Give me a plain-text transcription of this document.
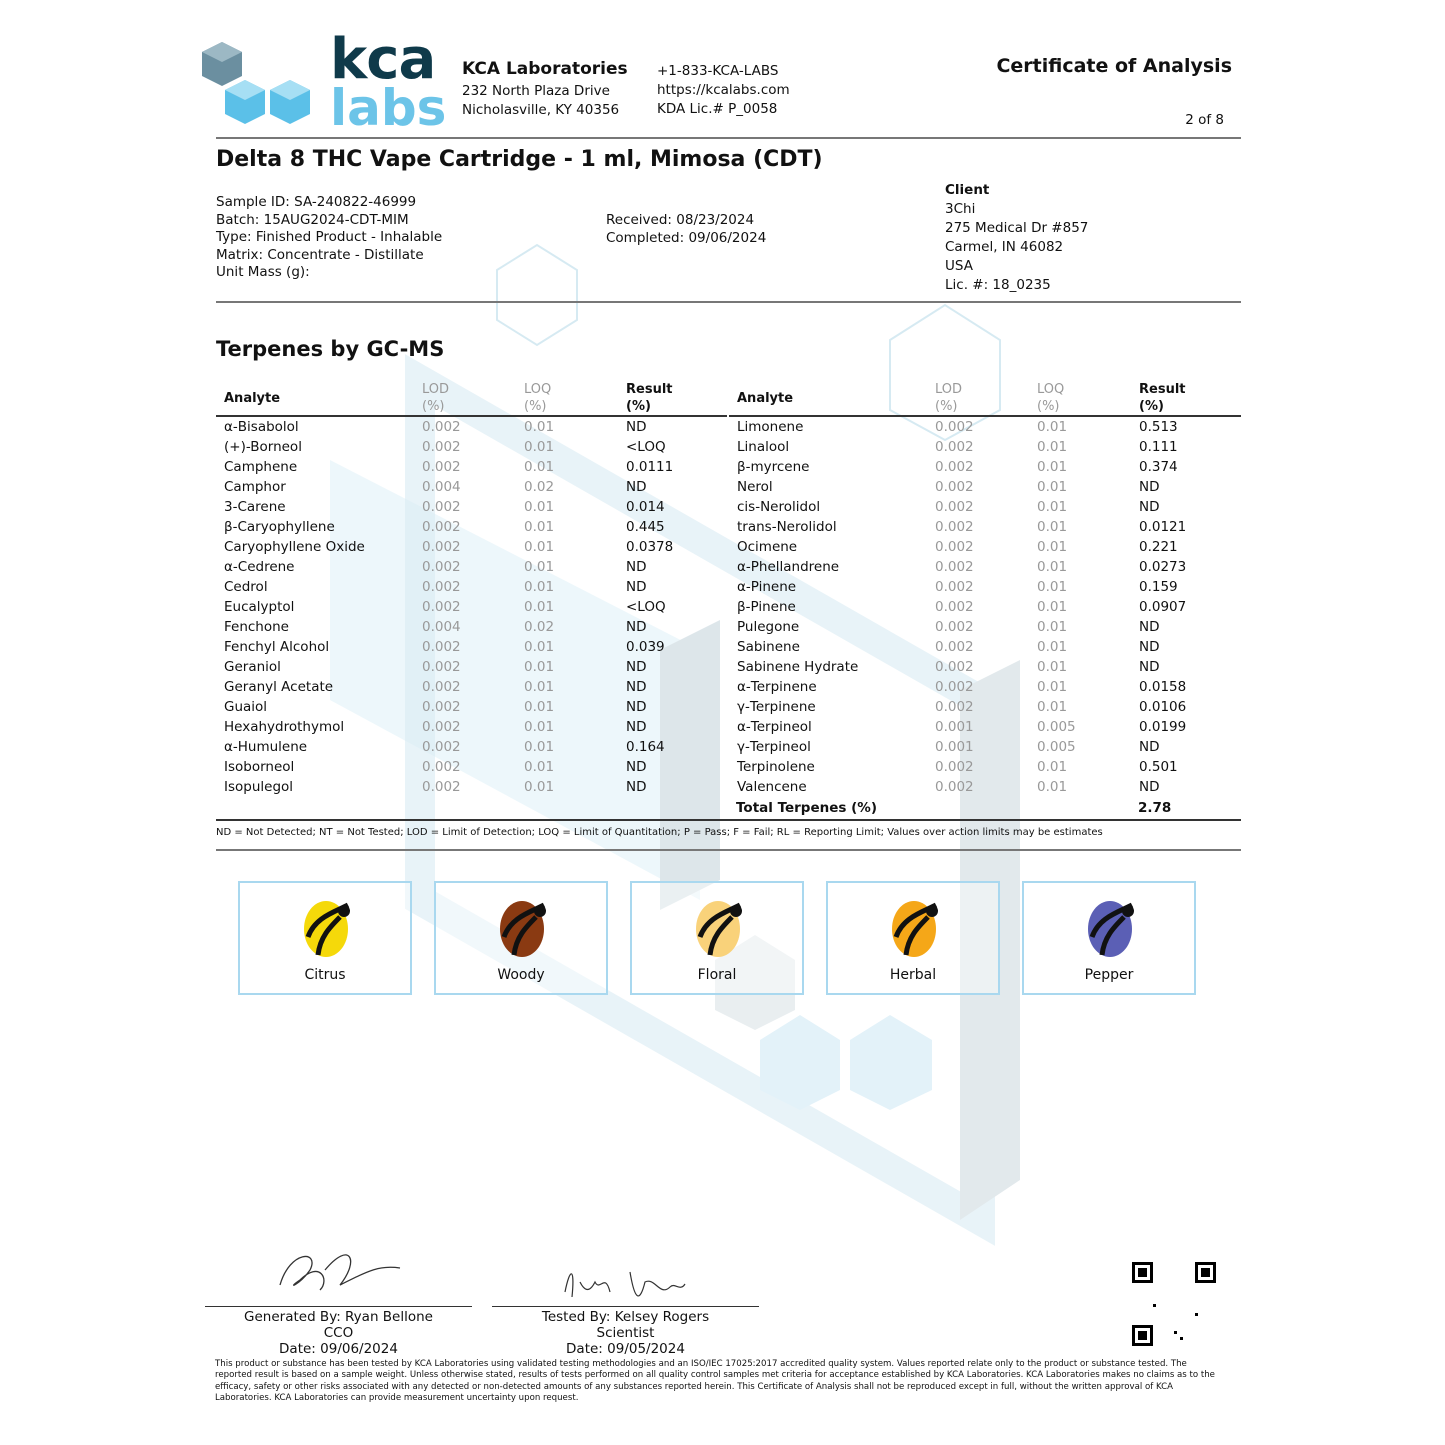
kca
labs
KCA Laboratories
232 North Plaza Drive
Nicholasville, KY 40356
+1-833-KCA-LABS
https://kcalabs.com
KDA Lic.# P_0058
Certificate of Analysis
2 of 8
Delta 8 THC Vape Cartridge - 1 ml, Mimosa (CDT)
Sample ID: SA-240822-46999
Batch: 15AUG2024-CDT-MIM
Type: Finished Product - Inhalable
Matrix: Concentrate - Distillate
Unit Mass (g):
Received: 08/23/2024
Completed: 09/06/2024
Client
3Chi
275 Medical Dr #857
Carmel, IN 46082
USA
Lic. #: 18_0235
Terpenes by GC-MS
Analyte
LOD
(%)
LOQ
(%)
Result
(%)
α-Bisabolol	0.002	0.01	ND
(+)-Borneol	0.002	0.01	<LOQ
Camphene	0.002	0.01	0.0111
Camphor	0.004	0.02	ND
3-Carene	0.002	0.01	0.014
β-Caryophyllene	0.002	0.01	0.445
Caryophyllene Oxide	0.002	0.01	0.0378
α-Cedrene	0.002	0.01	ND
Cedrol	0.002	0.01	ND
Eucalyptol	0.002	0.01	<LOQ
Fenchone	0.004	0.02	ND
Fenchyl Alcohol	0.002	0.01	0.039
Geraniol	0.002	0.01	ND
Geranyl Acetate	0.002	0.01	ND
Guaiol	0.002	0.01	ND
Hexahydrothymol	0.002	0.01	ND
α-Humulene	0.002	0.01	0.164
Isoborneol	0.002	0.01	ND
Isopulegol	0.002	0.01	ND
Analyte
LOD
(%)
LOQ
(%)
Result
(%)
Limonene	0.002	0.01	0.513
Linalool	0.002	0.01	0.111
β-myrcene	0.002	0.01	0.374
Nerol	0.002	0.01	ND
cis-Nerolidol	0.002	0.01	ND
trans-Nerolidol	0.002	0.01	0.0121
Ocimene	0.002	0.01	0.221
α-Phellandrene	0.002	0.01	0.0273
α-Pinene	0.002	0.01	0.159
β-Pinene	0.002	0.01	0.0907
Pulegone	0.002	0.01	ND
Sabinene	0.002	0.01	ND
Sabinene Hydrate	0.002	0.01	ND
α-Terpinene	0.002	0.01	0.0158
γ-Terpinene	0.002	0.01	0.0106
α-Terpineol	0.001	0.005	0.0199
γ-Terpineol	0.001	0.005	ND
Terpinolene	0.002	0.01	0.501
Valencene	0.002	0.01	ND
Total Terpenes (%)	2.78
ND = Not Detected; NT = Not Tested; LOD = Limit of Detection; LOQ = Limit of Quantitation; P = Pass; F = Fail; RL = Reporting Limit; Values over action limits may be estimates
Citrus	Woody	Floral	Herbal	Pepper
Generated By: Ryan Bellone
CCO
Date: 09/06/2024
Tested By: Kelsey Rogers
Scientist
Date: 09/05/2024
This product or substance has been tested by KCA Laboratories using validated testing methodologies and an ISO/IEC 17025:2017 accredited quality system. Values reported relate only to the product or substance tested. The reported result is based on a sample weight. Unless otherwise stated, results of tests performed on all quality control samples met criteria for acceptance established by KCA Laboratories. KCA Laboratories makes no claims as to the efficacy, safety or other risks associated with any detected or non-detected amounts of any substances reported herein. This Certificate of Analysis shall not be reproduced except in full, without the written approval of KCA Laboratories. KCA Laboratories can provide measurement uncertainty upon request.
